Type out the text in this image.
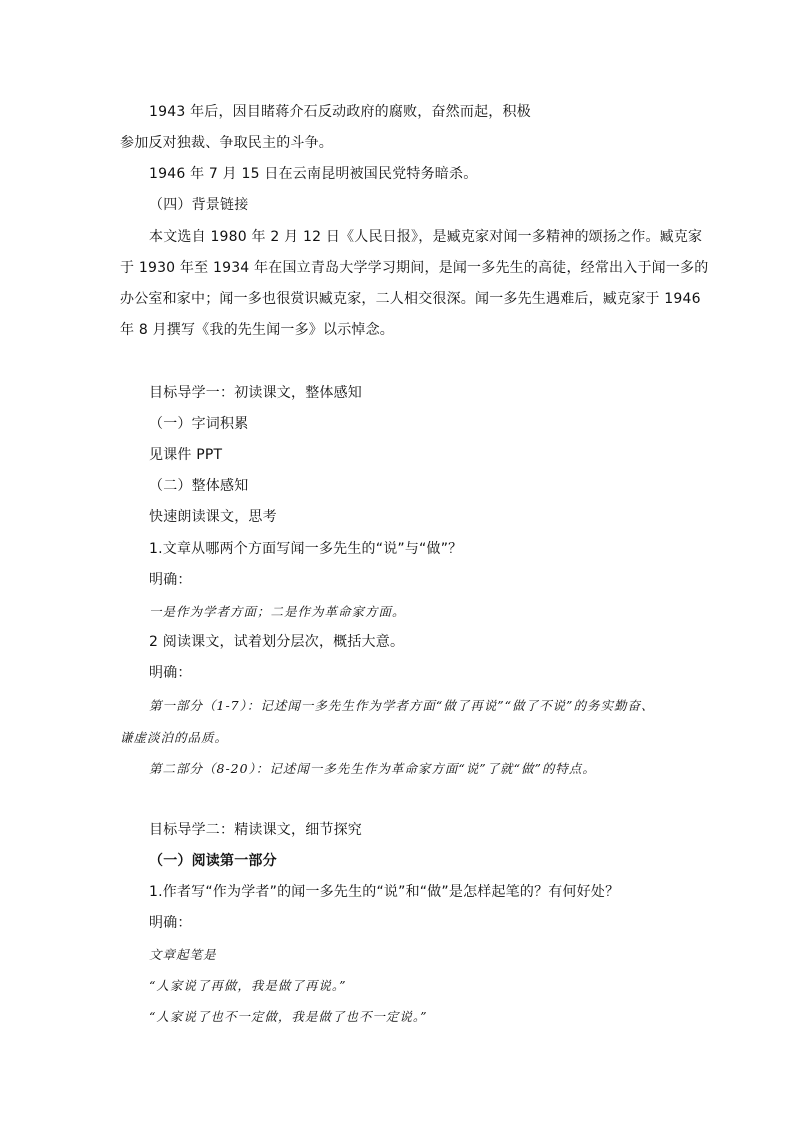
1943 年后，因目睹蒋介石反动政府的腐败，奋然而起，积极
参加反对独裁、争取民主的斗争。
1946 年 7 月 15 日在云南昆明被国民党特务暗杀。
（四）背景链接
本文选自 1980 年 2 月 12 日《人民日报》，是臧克家对闻一多精神的颂扬之作。臧克家
于 1930 年至 1934 年在国立青岛大学学习期间，是闻一多先生的高徒，经常出入于闻一多的
办公室和家中；闻一多也很赏识臧克家，二人相交很深。闻一多先生遇难后，臧克家于 1946
年 8 月撰写《我的先生闻一多》以示悼念。
目标导学一：初读课文，整体感知
（一）字词积累
见课件 PPT
（二）整体感知
快速朗读课文，思考
1.文章从哪两个方面写闻一多先生的“说”与“做”？
明确：
一是作为学者方面；二是作为革命家方面。
2 阅读课文，试着划分层次，概括大意。
明确：
第一部分（1-7）：记述闻一多先生作为学者方面“做了再说”“做了不说”的务实勤奋、
谦虚淡泊的品质。
第二部分（8-20）：记述闻一多先生作为革命家方面“说”了就“做”的特点。
目标导学二：精读课文，细节探究
（一）阅读第一部分
1.作者写“作为学者”的闻一多先生的“说”和“做”是怎样起笔的？有何好处？
明确：
文章起笔是
“人家说了再做，我是做了再说。”
“人家说了也不一定做，我是做了也不一定说。”
